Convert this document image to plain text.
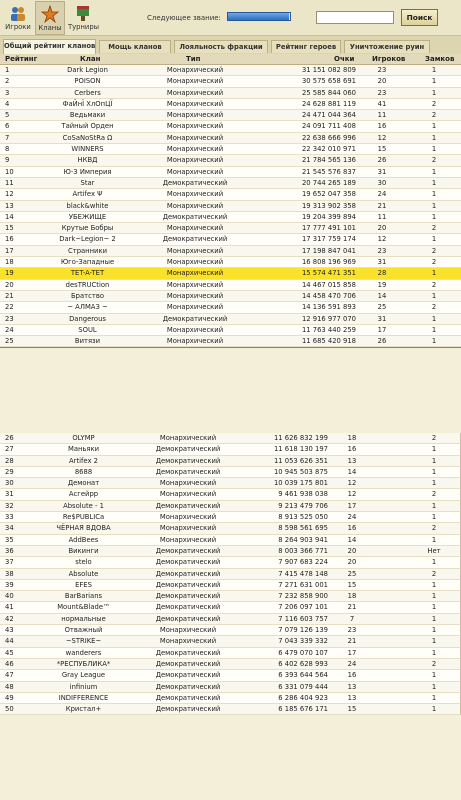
Игроки	Кланы Турниры
Следующее звание:	Поиск
Общий рейтинг кланов	Мощь кланов	Лояльность фракции	Рейтинг героев	Уничтожение руин
Рейтинг	Клан	Тип	Очки	Игроков	Замков
1	Dark Legion	Монархический	31 151 082 809	23	1
2	POISON	Монархический	30 575 658 691	20	1
3	Cerbers	Монархический	25 585 844 060	23	1
4	ФаЙнЇ ХлОпЦЇ	Монархический	24 628 881 119	41	2
5	Ведьмаки	Монархический	24 471 044 364	11	2
6	Тайный Орден	Монархический	24 091 711 408	16	1
7	CoSaNoStRa Ω	Монархический	22 638 666 996	12	1
8	WINNERS	Монархический	22 342 010 971	15	1
9	НКВД	Монархический	21 784 565 136	26	2
10	Ю-З Империя	Монархический	21 545 576 837	31	1
11	Star	Демократический	20 744 265 189	30	1
12	Artifex Ψ	Монархический	19 652 047 358	24	1
13	black&white	Монархический	19 313 902 358	21	1
14	УБЕЖИЩЕ	Демократический	19 204 399 894	11	1
15	Крутые Бобры	Монархический	17 777 491 101	20	2
16	Dark~Legion~ 2	Демократический	17 317 759 174	12	1
17	Странники	Монархический	17 198 847 041	23	2
18	Юго-Западные	Монархический	16 808 196 969	31	2
19	TET-A-TET	Монархический	15 574 471 351	28	1
20	desTRUCtion	Монархический	14 467 015 858	19	2
21	Братство	Монархический	14 458 470 706	14	1
22	~ АЛМАЗ ~	Монархический	14 136 591 893	25	2
23	Dangerous	Демократический	12 916 977 070	31	1
24	SOUL	Монархический	11 763 440 259	17	1
25	Витязи	Монархический	11 685 420 918	26	1
26	OLYMP	Монархический	11 626 832 199	18	2
27	Маньяки	Демократический	11 618 130 197	16	1
28	Artifex 2	Демократический	11 053 626 351	13	1
29	8688	Демократический	10 945 503 875	14	1
30	Демонат	Монархический	10 039 175 801	12	1
31	Асгейрр	Монархический	9 461 938 038	12	2
32	Absolute - 1	Демократический	9 213 479 706	17	1
33	Re$PUBLICa	Монархический	8 913 525 050	24	1
34	ЧЁРНАЯ ВДОВА	Монархический	8 598 561 695	16	2
35	AddBees	Монархический	8 264 903 941	14	1
36	Викинги	Демократический	8 003 366 771	20	Нет
37	stelo	Демократический	7 907 683 224	20	1
38	Absolute	Демократический	7 415 478 148	25	2
39	EFES	Демократический	7 271 631 001	15	1
40	BarBarians	Демократический	7 232 858 900	18	1
41	Mount&Blade™	Демократический	7 206 097 101	21	1
42	нормальные	Демократический	7 116 603 757	7	1
43	Отважный	Монархический	7 079 126 139	23	1
44	~STRIKE~	Монархический	7 043 339 332	21	1
45	wanderers	Демократический	6 479 070 107	17	1
46	*РЕСПУБЛИКА*	Демократический	6 402 628 993	24	2
47	Gray League	Демократический	6 393 644 564	16	1
48	infinium	Демократический	6 331 079 444	13	1
49	INDIFFERENCE	Демократический	6 286 404 923	13	1
50	Кристал+	Демократический	6 185 676 171	15	1
